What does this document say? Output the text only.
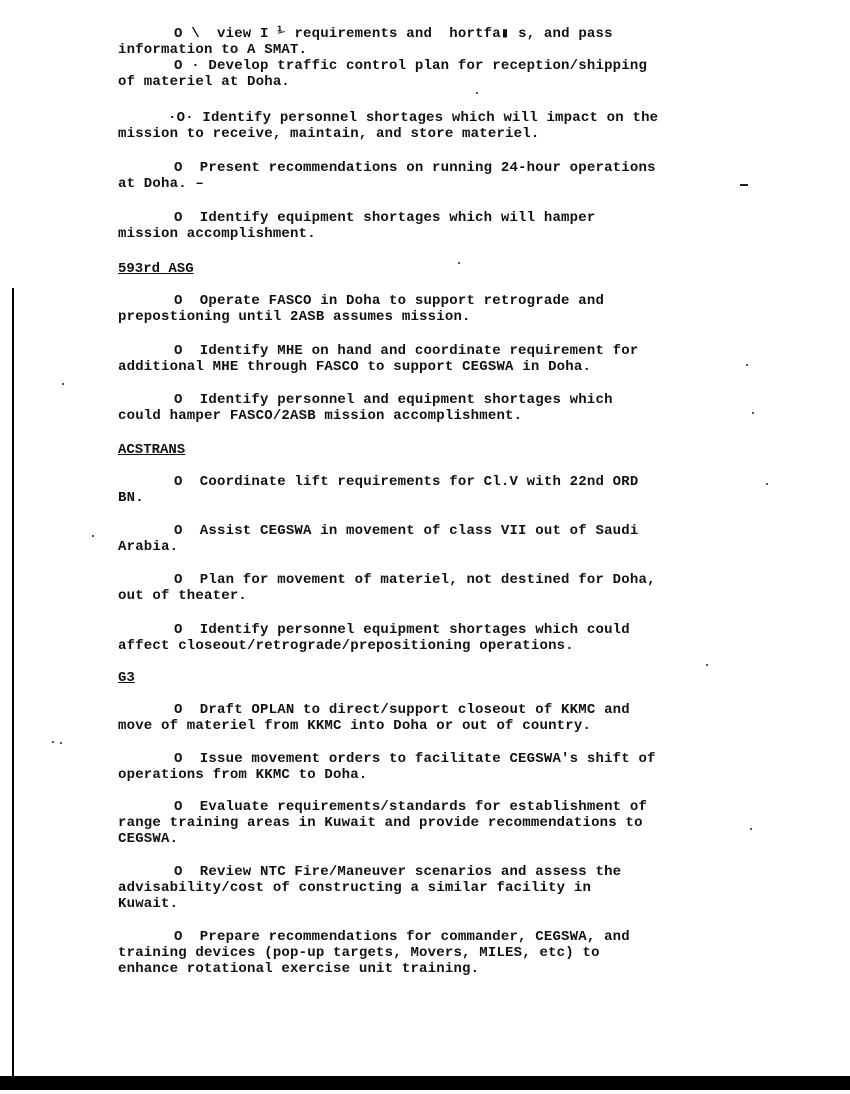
O \  view I ⅟ requirements and  hortfa▮ s, and pass
information to A SMAT.

O · Develop traffic control plan for reception/shipping
of materiel at Doha.

·O· Identify personnel shortages which will impact on the
mission to receive, maintain, and store materiel.

O  Present recommendations on running 24-hour operations
at Doha. –

O  Identify equipment shortages which will hamper
mission accomplishment.

593rd ASG

O  Operate FASCO in Doha to support retrograde and
prepostioning until 2ASB assumes mission.

O  Identify MHE on hand and coordinate requirement for
additional MHE through FASCO to support CEGSWA in Doha.

O  Identify personnel and equipment shortages which
could hamper FASCO/2ASB mission accomplishment.

ACSTRANS

O  Coordinate lift requirements for Cl.V with 22nd ORD
BN.

O  Assist CEGSWA in movement of class VII out of Saudi
Arabia.

O  Plan for movement of materiel, not destined for Doha,
out of theater.

O  Identify personnel equipment shortages which could
affect closeout/retrograde/prepositioning operations.

G3

O  Draft OPLAN to direct/support closeout of KKMC and
move of materiel from KKMC into Doha or out of country.

O  Issue movement orders to facilitate CEGSWA's shift of
operations from KKMC to Doha.

O  Evaluate requirements/standards for establishment of
range training areas in Kuwait and provide recommendations to
CEGSWA.

O  Review NTC Fire/Maneuver scenarios and assess the
advisability/cost of constructing a similar facility in
Kuwait.

O  Prepare recommendations for commander, CEGSWA, and
training devices (pop-up targets, Movers, MILES, etc) to
enhance rotational exercise unit training.
